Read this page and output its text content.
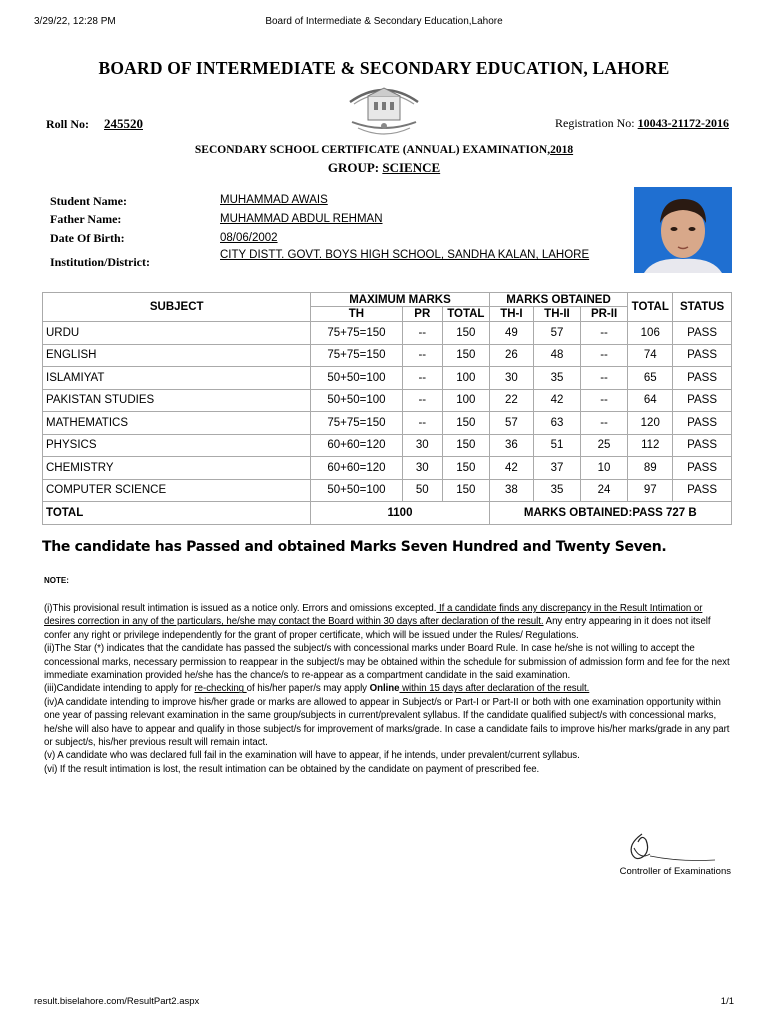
3/29/22, 12:28 PM	Board of Intermediate & Secondary Education,Lahore
BOARD OF INTERMEDIATE & SECONDARY EDUCATION, LAHORE
Roll No: 245520	Registration No: 10043-21172-2016
SECONDARY SCHOOL CERTIFICATE (ANNUAL) EXAMINATION,2018
GROUP: SCIENCE
Student Name:	MUHAMMAD AWAIS
Father Name:	MUHAMMAD ABDUL REHMAN
Date Of Birth:	08/06/2002
Institution/District:	CITY DISTT. GOVT. BOYS HIGH SCHOOL, SANDHA KALAN, LAHORE
SUBJECT	MAXIMUM MARKS			MARKS OBTAINED			TOTAL	STATUS
	TH	PR	TOTAL	TH-I	TH-II	PR-II		
URDU	75+75=150	--	150	49	57	--	106	PASS
ENGLISH	75+75=150	--	150	26	48	--	74	PASS
ISLAMIYAT	50+50=100	--	100	30	35	--	65	PASS
PAKISTAN STUDIES	50+50=100	--	100	22	42	--	64	PASS
MATHEMATICS	75+75=150	--	150	57	63	--	120	PASS
PHYSICS	60+60=120	30	150	36	51	25	112	PASS
CHEMISTRY	60+60=120	30	150	42	37	10	89	PASS
COMPUTER SCIENCE	50+50=100	50	150	38	35	24	97	PASS
TOTAL	1100			MARKS OBTAINED:PASS 727 B				
The candidate has Passed and obtained Marks Seven Hundred and Twenty Seven.
NOTE:

(i)This provisional result intimation is issued as a notice only. Errors and omissions excepted. If a candidate finds any discrepancy in the Result Intimation or desires correction in any of the particulars, he/she may contact the Board within 30 days after declaration of the result. Any entry appearing in it does not itself confer any right or privilege independently for the grant of proper certificate, which will be issued under the Rules/ Regulations.

(ii)The Star (*) indicates that the candidate has passed the subject/s with concessional marks under Board Rule. In case he/she is not willing to accept the concessional marks, necessary permission to reappear in the subject/s may be obtained within the schedule for submission of admission form and fee for the next immediate examination provided he/she has the chance/s to re-appear as a compartment candidate in the said examination.

(iii)Candidate intending to apply for re-checking of his/her paper/s may apply Online within 15 days after declaration of the result.

(iv)A candidate intending to improve his/her grade or marks are allowed to appear in Subject/s or Part-I or Part-II or both with one examination opportunity within one year of passing relevant examination in the same group/subjects in current/prevalent syllabus. If the candidate qualified subject/s with concessional marks, he/she will also have to appear and qualify in those subject/s for improvement of marks/grade. In case a candidate fails to improve his/her marks/grade in any part or subject/s, his/her previous result will remain intact.

(v) A candidate who was declared full fail in the examination will have to appear, if he intends, under prevalent/current syllabus.

(vi) If the result intimation is lost, the result intimation can be obtained by the candidate on payment of prescribed fee.

Controller of Examinations
result.biselahore.com/ResultPart2.aspx	1/1
